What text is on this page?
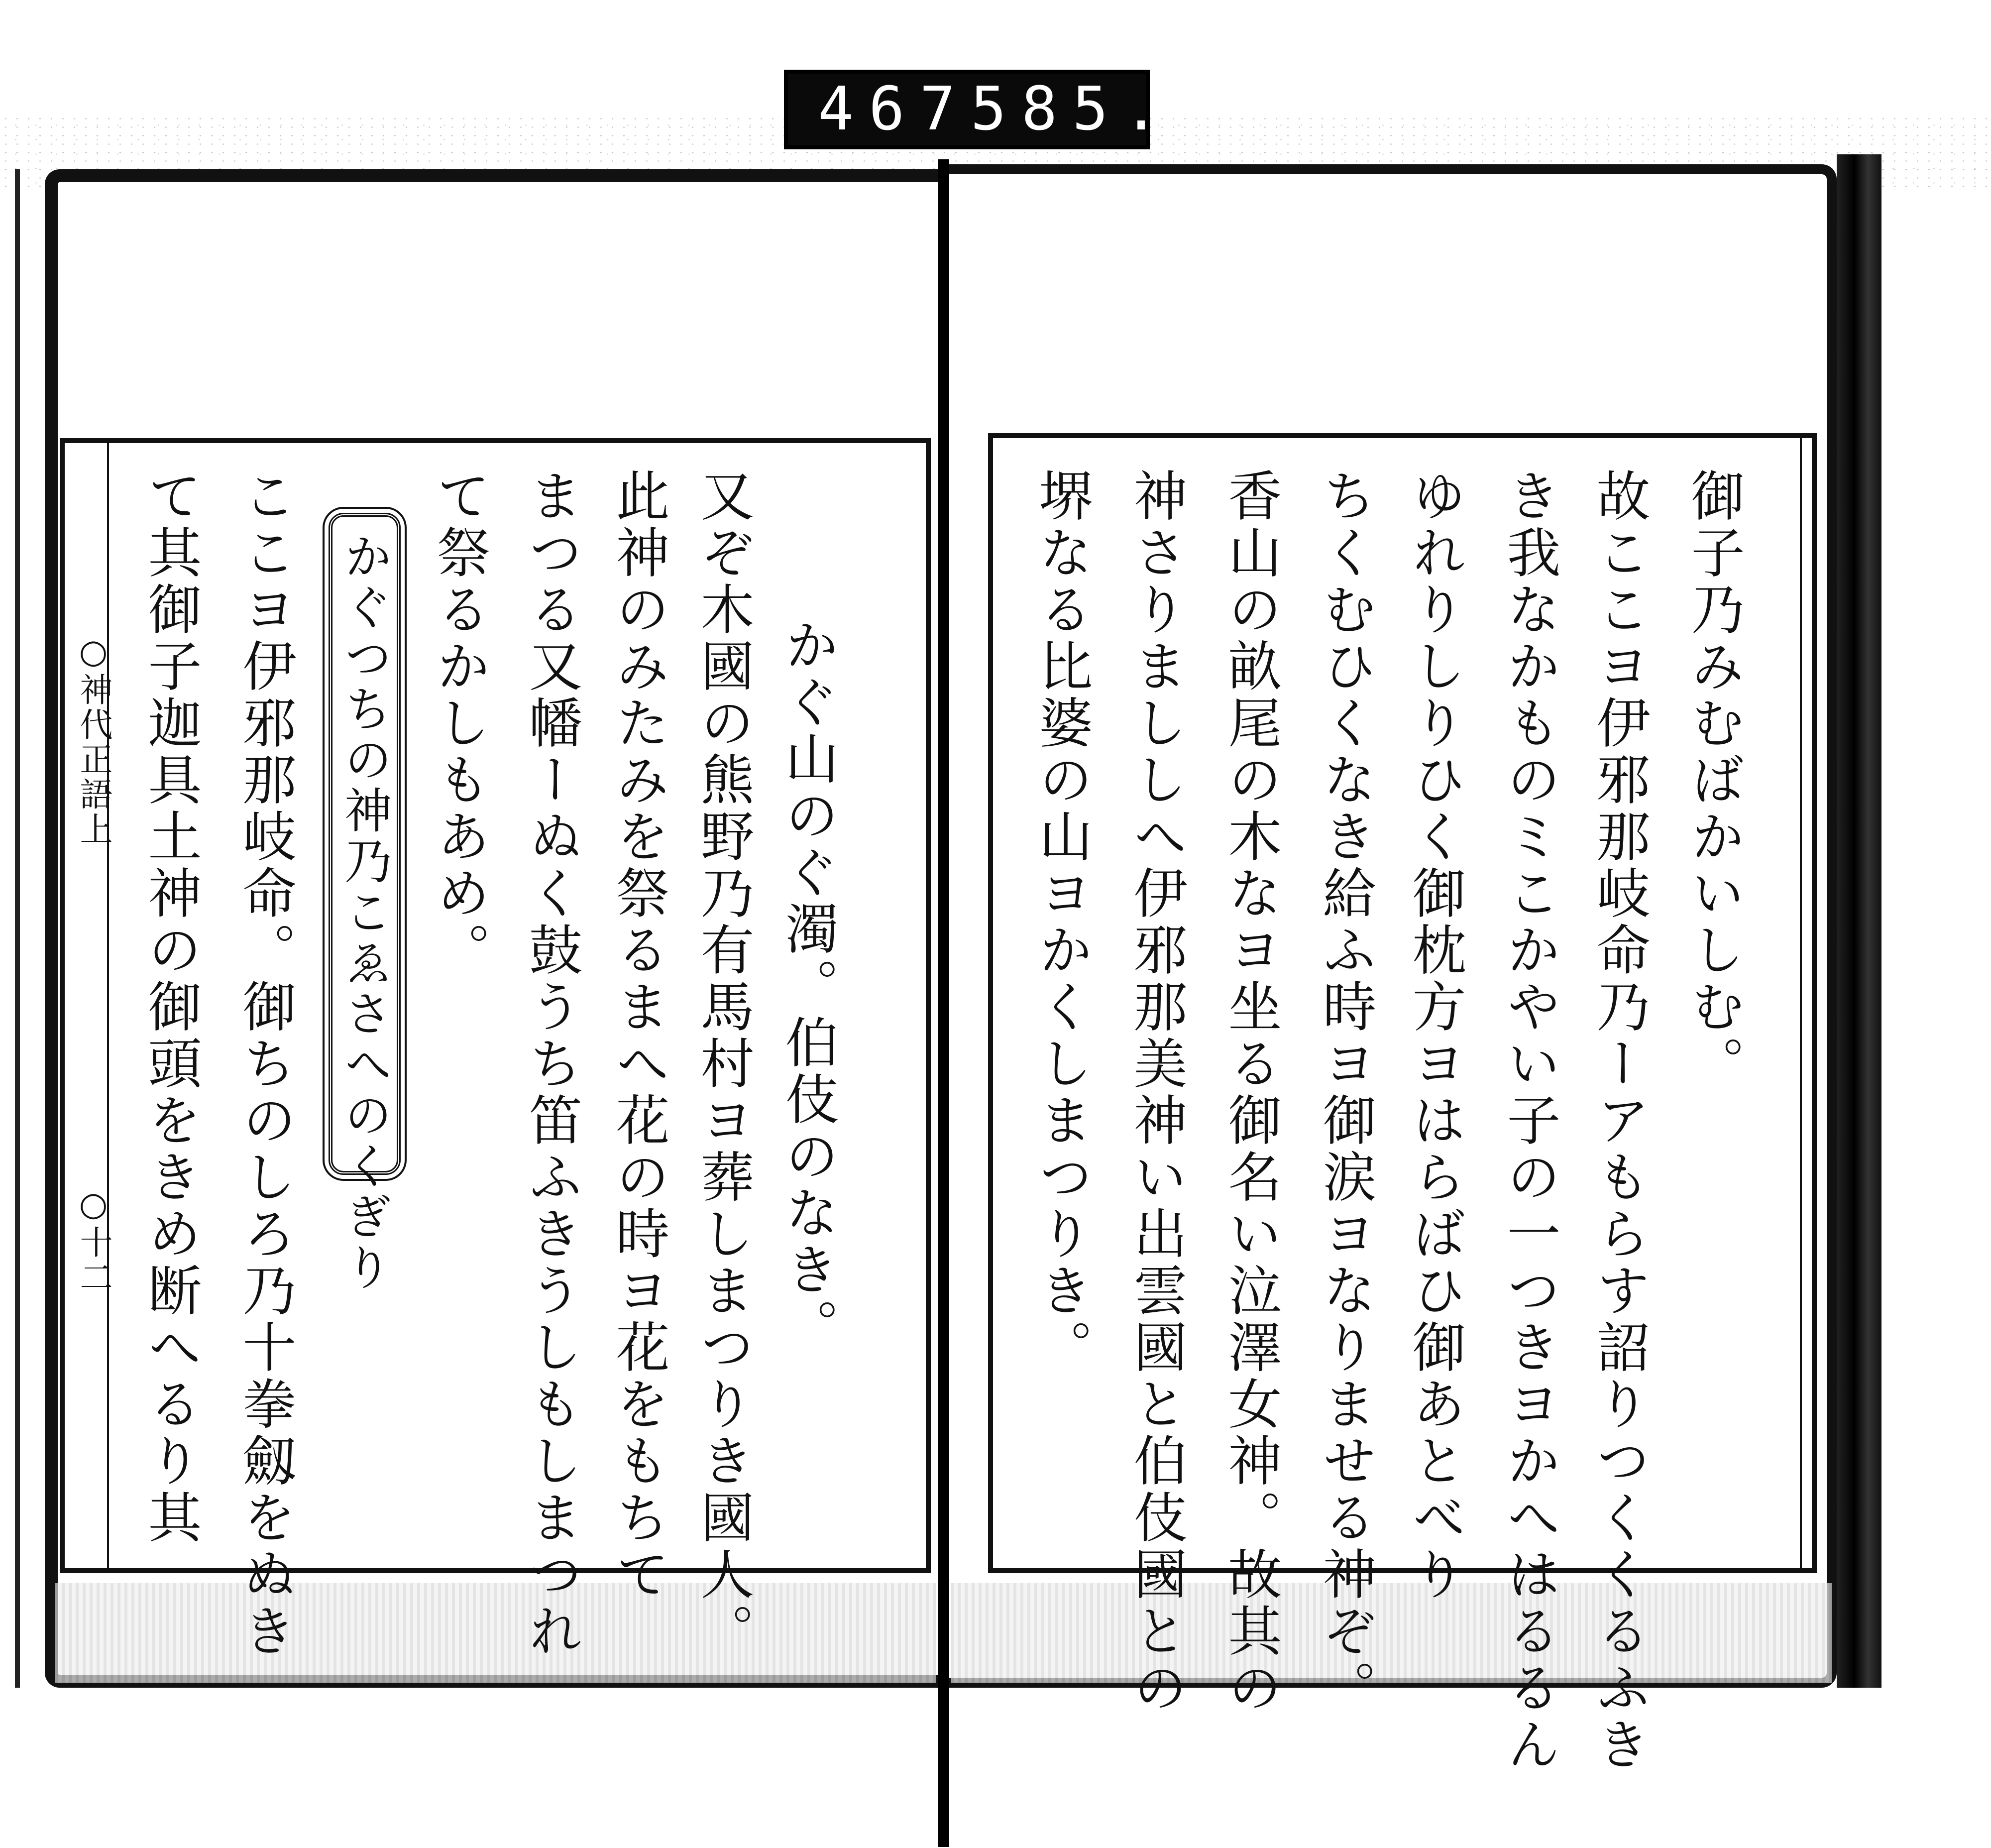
467 585.
○神代正語上
○十二	かぐ山のぐ濁。伯伎のなき。
又ぞ木國の熊野乃有馬村ヨ葬しまつりき國人。
此神のみたみを祭るまへ花の時ヨ花をもちて
まつる又幡ーぬく鼓うち笛ふきうしもしまつれ
て祭るかしもあめ。
かぐつちの神乃こゑさへのくぎり
ここヨ伊邪那岐命。御ちのしろ乃十拳劔をぬき
て其御子迦具土神の御頭をきめ断へるり其	御子乃みむばかいしむ。
故ここヨ伊邪那岐命乃ーアもらす詔りつくくるふき
き我なかものミこかやい子の一つきヨかへはるるん
ゆれりしりひく御枕方ヨはらばひ御あとべり
ちくむひくなき給ふ時ヨ御涙ヨなりませる神ぞ。
香山の畝尾の木なヨ坐る御名い泣澤女神。故其の
神さりまししへ伊邪那美神い出雲國と伯伎國との
堺なる比婆の山ヨかくしまつりき。
